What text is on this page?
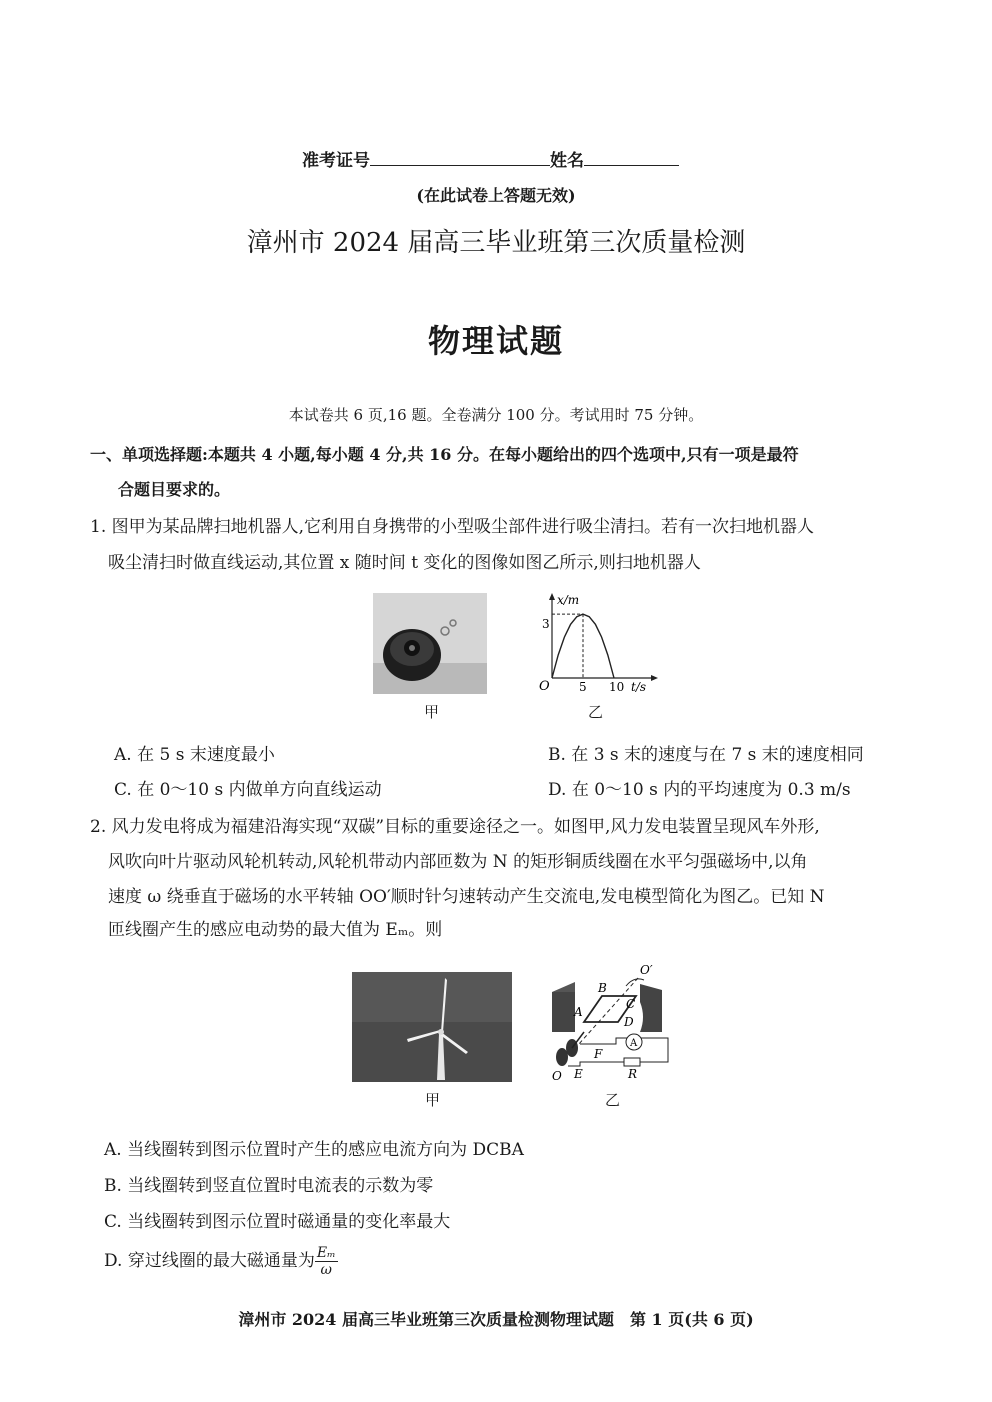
准考证号	姓名
(在此试卷上答题无效)
漳州市 2024 届高三毕业班第三次质量检测
物理试题
本试卷共 6 页,16 题。全卷满分 100 分。考试用时 75 分钟。
一、单项选择题:本题共 4 小题,每小题 4 分,共 16 分。在每小题给出的四个选项中,只有一项是最符
合题目要求的。
1. 图甲为某品牌扫地机器人,它利用自身携带的小型吸尘部件进行吸尘清扫。若有一次扫地机器人
吸尘清扫时做直线运动,其位置 x 随时间 t 变化的图像如图乙所示,则扫地机器人
甲
x/m
O
3
5 10 t/s
乙
A. 在 5 s 末速度最小	B. 在 3 s 末的速度与在 7 s 末的速度相同
C. 在 0～10 s 内做单方向直线运动	D. 在 0～10 s 内的平均速度为 0.3 m/s
2. 风力发电将成为福建沿海实现“双碳”目标的重要途径之一。如图甲,风力发电装置呈现风车外形,
风吹向叶片驱动风轮机转动,风轮机带动内部匝数为 N 的矩形铜质线圈在水平匀强磁场中,以角
速度 ω 绕垂直于磁场的水平转轴 OO′顺时针匀速转动产生交流电,发电模型简化为图乙。已知 N
匝线圈产生的感应电动势的最大值为 Eₘ。则
甲
O′
B
C
A
D
F
E	R
O
A
乙
A. 当线圈转到图示位置时产生的感应电流方向为 DCBA
B. 当线圈转到竖直位置时电流表的示数为零
C. 当线圈转到图示位置时磁通量的变化率最大
D. 穿过线圈的最大磁通量为 $\frac{\text{Eₘ}}{\omega}$
漳州市 2024 届高三毕业班第三次质量检测物理试题　第 1 页(共 6 页)
